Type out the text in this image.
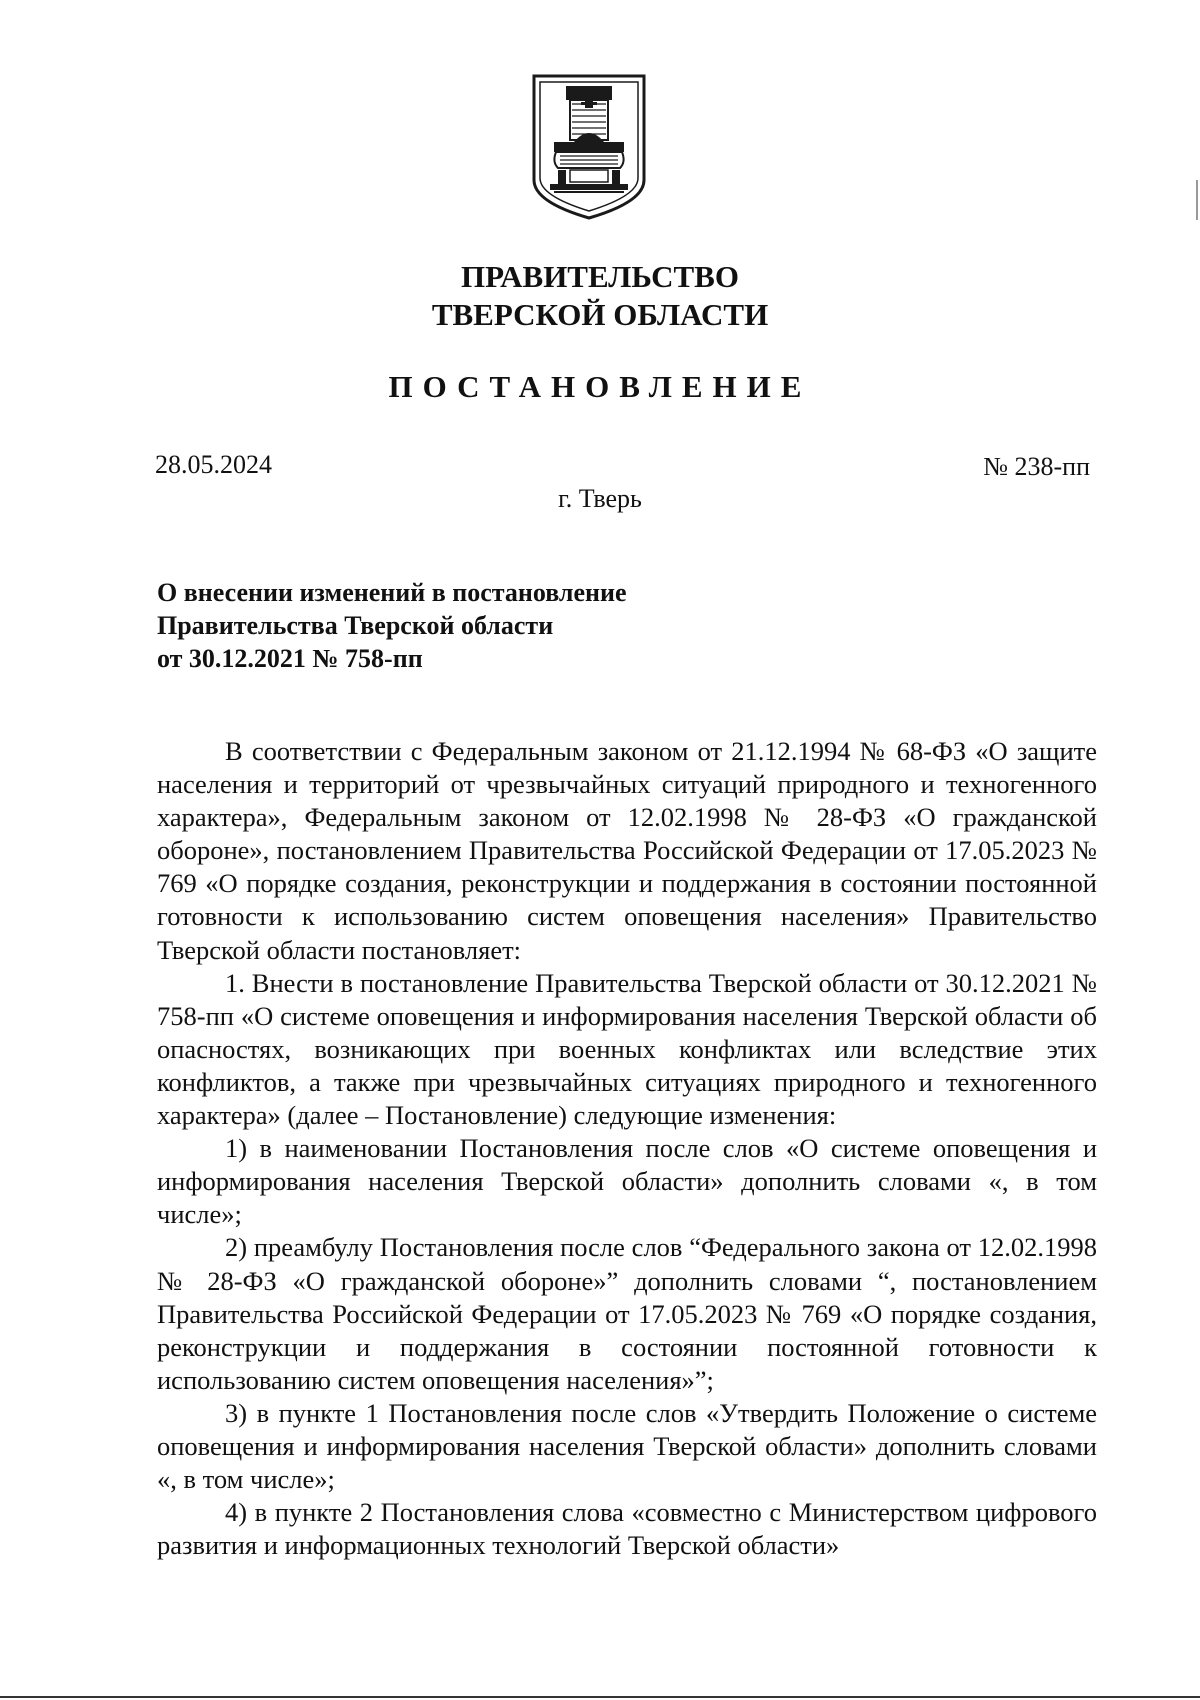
ПРАВИТЕЛЬСТВО
ТВЕРСКОЙ ОБЛАСТИ
ПОСТАНОВЛЕНИЕ
28.05.2024	№ 238-пп
г. Тверь
О внесении изменений в постановление
Правительства Тверской области
от 30.12.2021 № 758-пп

В соответствии с Федеральным законом от 21.12.1994 № 68-ФЗ «О защите населения и территорий от чрезвычайных ситуаций природного и техногенного характера», Федеральным законом от 12.02.1998 № 28-ФЗ «О гражданской обороне», постановлением Правительства Российской Федерации от 17.05.2023 № 769 «О порядке создания, реконструкции и поддержания в состоянии постоянной готовности к использованию систем оповещения населения» Правительство Тверской области постановляет:

1. Внести в постановление Правительства Тверской области от 30.12.2021 № 758-пп «О системе оповещения и информирования населения Тверской области об опасностях, возникающих при военных конфликтах или вследствие этих конфликтов, а также при чрезвычайных ситуациях природного и техногенного характера» (далее – Постановление) следующие изменения:

1) в наименовании Постановления после слов «О системе оповещения и информирования населения Тверской области» дополнить словами «, в том числе»;

2) преамбулу Постановления после слов “Федерального закона от 12.02.1998 № 28-ФЗ «О гражданской обороне»” дополнить словами “, постановлением Правительства Российской Федерации от 17.05.2023 № 769 «О порядке создания, реконструкции и поддержания в состоянии постоянной готовности к использованию систем оповещения населения»”;

3) в пункте 1 Постановления после слов «Утвердить Положение о системе оповещения и информирования населения Тверской области» дополнить словами «, в том числе»;

4) в пункте 2 Постановления слова «совместно с Министерством цифрового развития и информационных технологий Тверской области»
